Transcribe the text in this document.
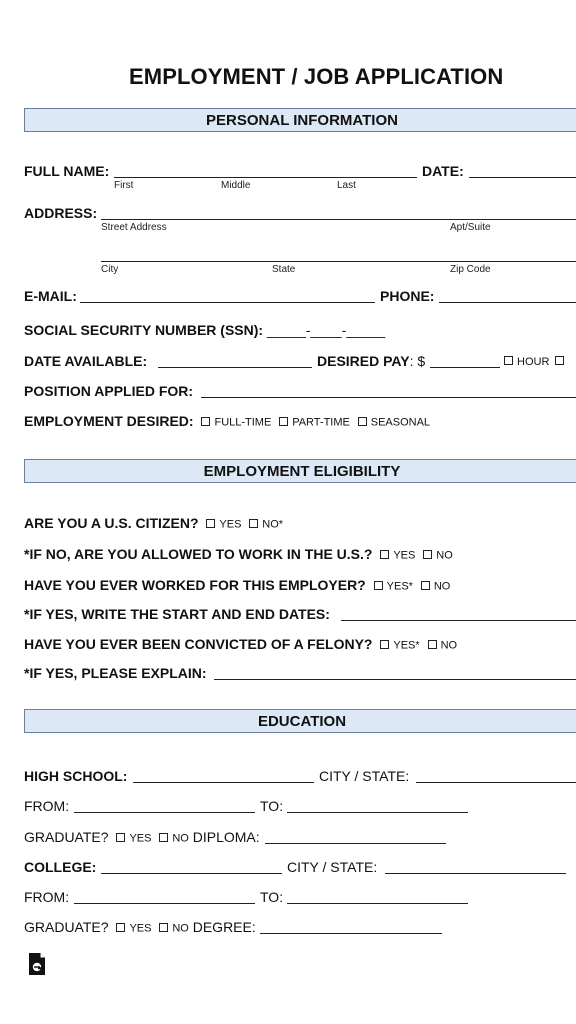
EMPLOYMENT / JOB APPLICATION
PERSONAL INFORMATION
FULL NAME:	DATE:
First	Middle	Last
ADDRESS:
Street Address	Apt/Suite
City	State	Zip Code
E-MAIL:	PHONE:
SOCIAL SECURITY NUMBER (SSN): _____-____-_____
DATE AVAILABLE:	DESIRED PAY: $	HOUR
POSITION APPLIED FOR:
EMPLOYMENT DESIRED: FULL-TIME PART-TIME SEASONAL
EMPLOYMENT ELIGIBILITY
ARE YOU A U.S. CITIZEN? YES NO*
*IF NO, ARE YOU ALLOWED TO WORK IN THE U.S.? YES NO
HAVE YOU EVER WORKED FOR THIS EMPLOYER? YES* NO
*IF YES, WRITE THE START AND END DATES:
HAVE YOU EVER BEEN CONVICTED OF A FELONY? YES* NO
*IF YES, PLEASE EXPLAIN:
EDUCATION
HIGH SCHOOL:	CITY / STATE:
FROM:	TO:
GRADUATE? YES NO DIPLOMA:
COLLEGE:	CITY / STATE:
FROM:	TO:
GRADUATE? YES NO DEGREE:
